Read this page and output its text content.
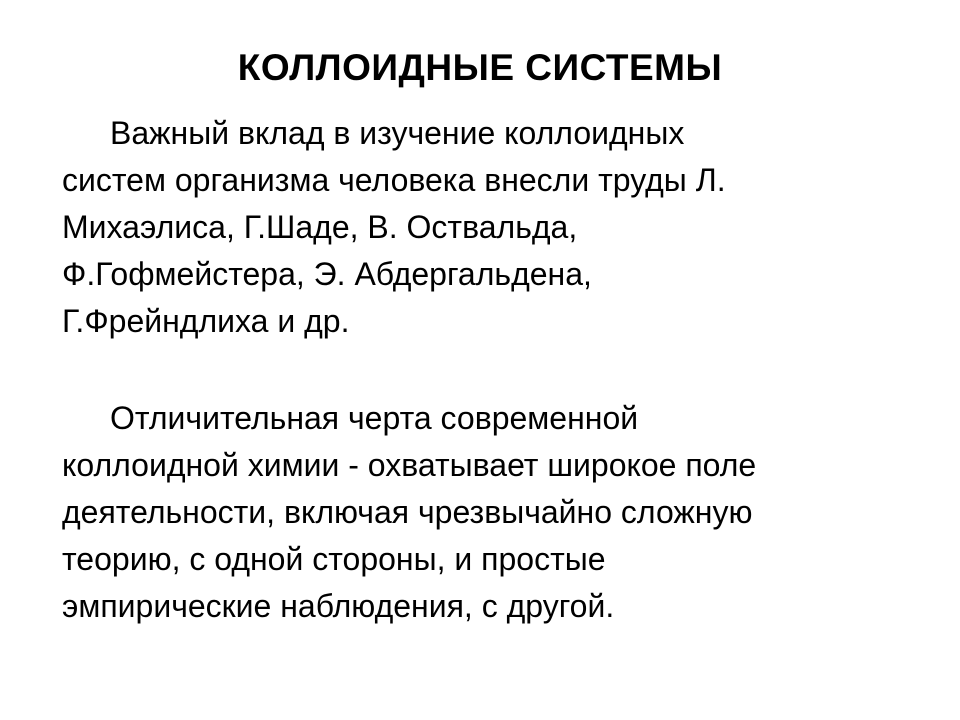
КОЛЛОИДНЫЕ СИСТЕМЫ

Важный вклад в изучение коллоидных
систем организма человека внесли труды Л.
Михаэлиса, Г.Шаде, В. Оствальда,
Ф.Гофмейстера, Э. Абдергальдена,
Г.Фрейндлиха и др.

Отличительная черта современной
коллоидной химии - охватывает широкое поле
деятельности, включая чрезвычайно сложную
теорию, с одной стороны, и простые
эмпирические наблюдения, с другой.
